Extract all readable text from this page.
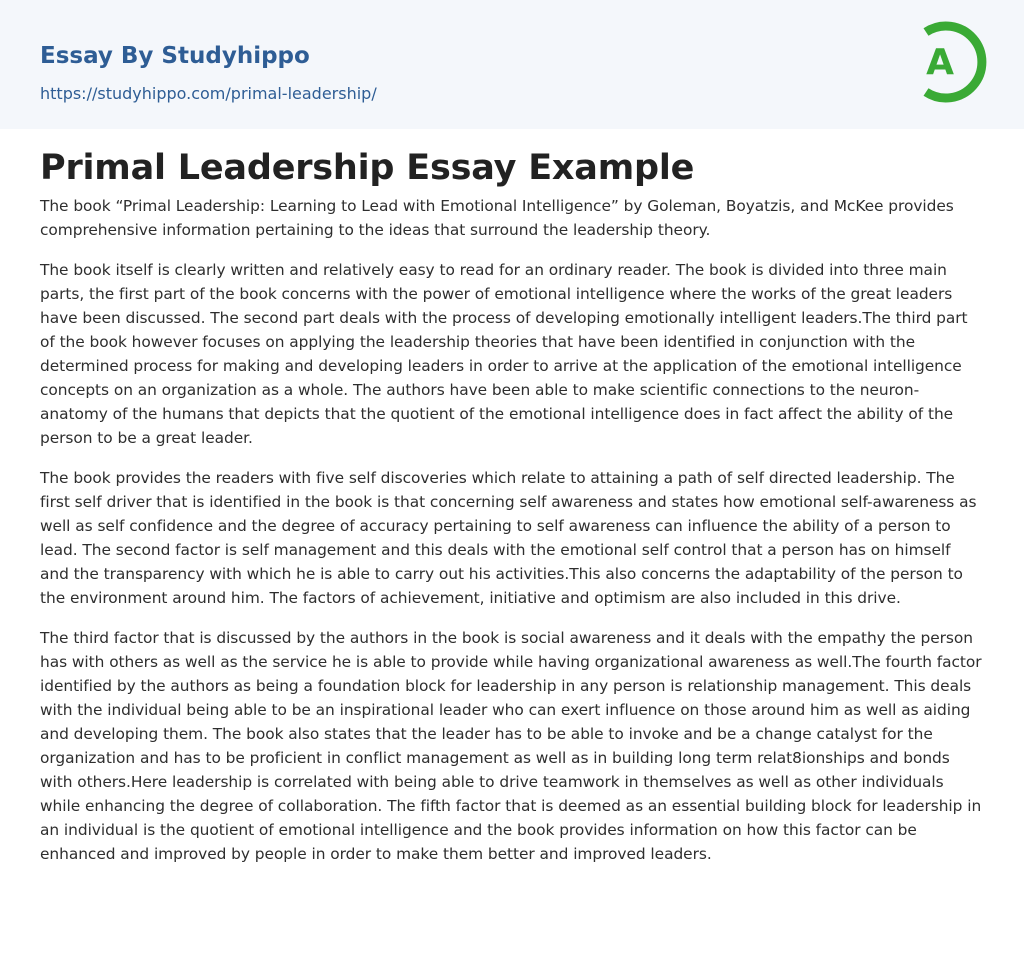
Essay By Studyhippo
https://studyhippo.com/primal-leadership/
A
Primal Leadership Essay Example

The book “Primal Leadership: Learning to Lead with Emotional Intelligence” by Goleman, Boyatzis, and McKee provides comprehensive information pertaining to the ideas that surround the leadership theory.

The book itself is clearly written and relatively easy to read for an ordinary reader. The book is divided into three main parts, the first part of the book concerns with the power of emotional intelligence where the works of the great leaders have been discussed. The second part deals with the process of developing emotionally intelligent leaders.The third part of the book however focuses on applying the leadership theories that have been identified in conjunction with the determined process for making and developing leaders in order to arrive at the application of the emotional intelligence concepts on an organization as a whole. The authors have been able to make scientific connections to the neuron-anatomy of the humans that depicts that the quotient of the emotional intelligence does in fact affect the ability of the person to be a great leader.

The book provides the readers with five self discoveries which relate to attaining a path of self directed leadership. The first self driver that is identified in the book is that concerning self awareness and states how emotional self-awareness as well as self confidence and the degree of accuracy pertaining to self awareness can influence the ability of a person to lead. The second factor is self management and this deals with the emotional self control that a person has on himself and the transparency with which he is able to carry out his activities.This also concerns the adaptability of the person to the environment around him. The factors of achievement, initiative and optimism are also included in this drive.

The third factor that is discussed by the authors in the book is social awareness and it deals with the empathy the person has with others as well as the service he is able to provide while having organizational awareness as well.The fourth factor identified by the authors as being a foundation block for leadership in any person is relationship management. This deals with the individual being able to be an inspirational leader who can exert influence on those around him as well as aiding and developing them. The book also states that the leader has to be able to invoke and be a change catalyst for the organization and has to be proficient in conflict management as well as in building long term relat8ionships and bonds with others.Here leadership is correlated with being able to drive teamwork in themselves as well as other individuals while enhancing the degree of collaboration. The fifth factor that is deemed as an essential building block for leadership in an individual is the quotient of emotional intelligence and the book provides information on how this factor can be enhanced and improved by people in order to make them better and improved leaders.
